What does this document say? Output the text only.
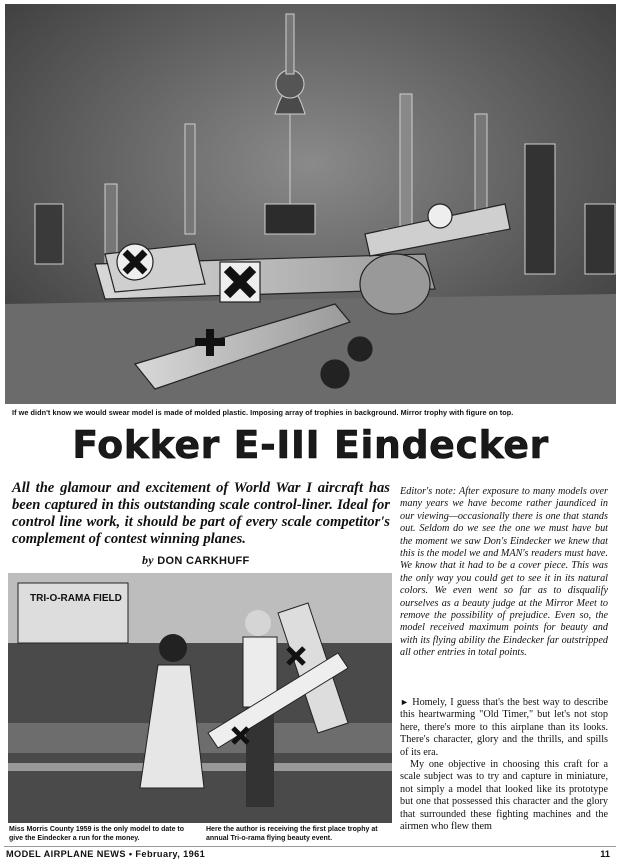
If we didn't know we would swear model is made of molded plastic. Imposing array of trophies in background. Mirror trophy with figure on top.
Fokker E-III Eindecker
All the glamour and excitement of World War I aircraft has been captured in this outstanding scale control-liner. Ideal for control line work, it should be part of every scale competitor's complement of contest winning planes.
by DON CARKHUFF
TRI-O-RAMA FIELD
Miss Morris County 1959 is the only model to date to give the Eindecker a run for the money.
Here the author is receiving the first place trophy at annual Tri-o-rama flying beauty event.
Editor's note: After exposure to many models over many years we have become rather jaundiced in our viewing—occasionally there is one that stands out. Seldom do we see the one we must have but the moment we saw Don's Eindecker we knew that this is the model we and MAN's readers must have. We know that it had to be a cover piece. This was the only way you could get to see it in its natural colors. We even went so far as to disqualify ourselves as a beauty judge at the Mirror Meet to remove the possibility of prejudice. Even so, the model received maximum points for beauty and with its flying ability the Eindecker far outstripped all other entries in total points.

► Homely, I guess that's the best way to describe this heartwarming "Old Timer," but let's not stop here, there's more to this airplane than its looks. There's character, glory and the thrills, and spills of its era.

My one objective in choosing this craft for a scale subject was to try and capture in miniature, not simply a model that looked like its prototype but one that possessed this character and the glory that surrounded these fighting machines and the airmen who flew them

MODEL AIRPLANE NEWS • February, 1961	11
